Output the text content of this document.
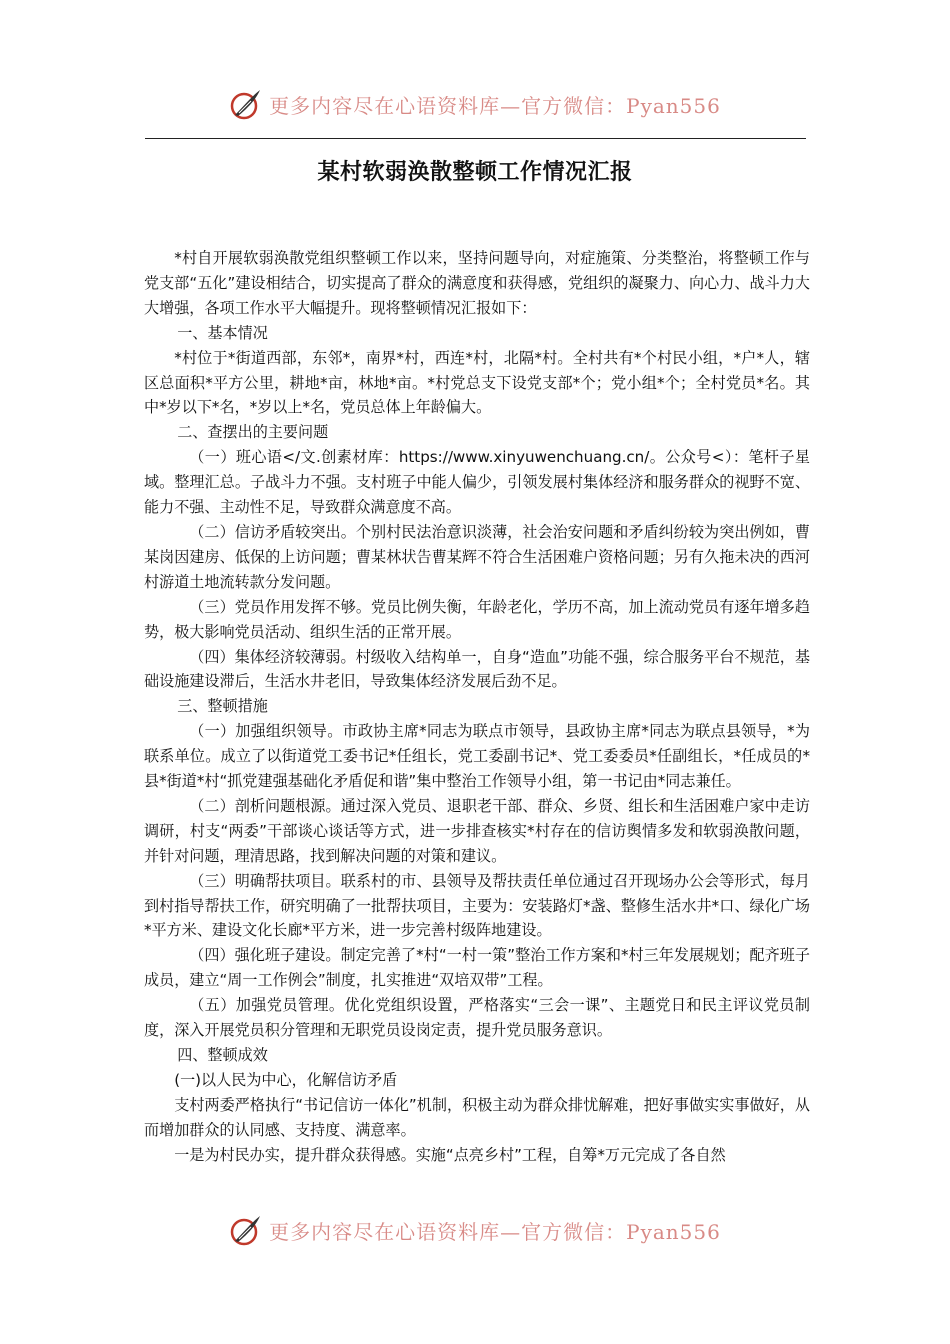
更多内容尽在心语资料库—官方微信：Pyan556
某村软弱涣散整顿工作情况汇报

*村自开展软弱涣散党组织整顿工作以来，坚持问题导向，对症施策、分类整治，将整顿工作与党支部“五化”建设相结合，切实提高了群众的满意度和获得感，党组织的凝聚力、向心力、战斗力大大增强，各项工作水平大幅提升。现将整顿情况汇报如下：

一、基本情况

*村位于*街道西部，东邻*，南界*村，西连*村，北隔*村。全村共有*个村民小组，*户*人，辖区总面积*平方公里，耕地*亩，林地*亩。*村党总支下设党支部*个；党小组*个；全村党员*名。其中*岁以下*名，*岁以上*名，党员总体上年龄偏大。

二、查摆出的主要问题

（一）班心语</文.创素材库：https://www.xinyuwenchuang.cn/。公众号<）：笔杆子星域。整理汇总。子战斗力不强。支村班子中能人偏少，引领发展村集体经济和服务群众的视野不宽、能力不强、主动性不足，导致群众满意度不高。

（二）信访矛盾较突出。个别村民法治意识淡薄，社会治安问题和矛盾纠纷较为突出例如，曹某岗因建房、低保的上访问题；曹某林状告曹某辉不符合生活困难户资格问题；另有久拖未决的西河村游道土地流转款分发问题。

（三）党员作用发挥不够。党员比例失衡，年龄老化，学历不高，加上流动党员有逐年增多趋势，极大影响党员活动、组织生活的正常开展。

（四）集体经济较薄弱。村级收入结构单一，自身“造血”功能不强，综合服务平台不规范，基础设施建设滞后，生活水井老旧，导致集体经济发展后劲不足。

三、整顿措施

（一）加强组织领导。市政协主席*同志为联点市领导，县政协主席*同志为联点县领导，*为联系单位。成立了以街道党工委书记*任组长，党工委副书记*、党工委委员*任副组长，*任成员的*县*街道*村“抓党建强基础化矛盾促和谐”集中整治工作领导小组，第一书记由*同志兼任。

（二）剖析问题根源。通过深入党员、退职老干部、群众、乡贤、组长和生活困难户家中走访调研，村支“两委”干部谈心谈话等方式，进一步排查核实*村存在的信访舆情多发和软弱涣散问题，并针对问题，理清思路，找到解决问题的对策和建议。

（三）明确帮扶项目。联系村的市、县领导及帮扶责任单位通过召开现场办公会等形式，每月到村指导帮扶工作，研究明确了一批帮扶项目，主要为：安装路灯*盏、整修生活水井*口、绿化广场*平方米、建设文化长廊*平方米，进一步完善村级阵地建设。

（四）强化班子建设。制定完善了*村“一村一策”整治工作方案和*村三年发展规划；配齐班子成员，建立“周一工作例会”制度，扎实推进“双培双带”工程。

（五）加强党员管理。优化党组织设置，严格落实“三会一课”、主题党日和民主评议党员制度，深入开展党员积分管理和无职党员设岗定责，提升党员服务意识。

四、整顿成效

(一)以人民为中心，化解信访矛盾

支村两委严格执行“书记信访一体化”机制，积极主动为群众排忧解难，把好事做实实事做好，从而增加群众的认同感、支持度、满意率。

一是为村民办实，提升群众获得感。实施“点亮乡村”工程，自筹*万元完成了各自然

更多内容尽在心语资料库—官方微信：Pyan556
